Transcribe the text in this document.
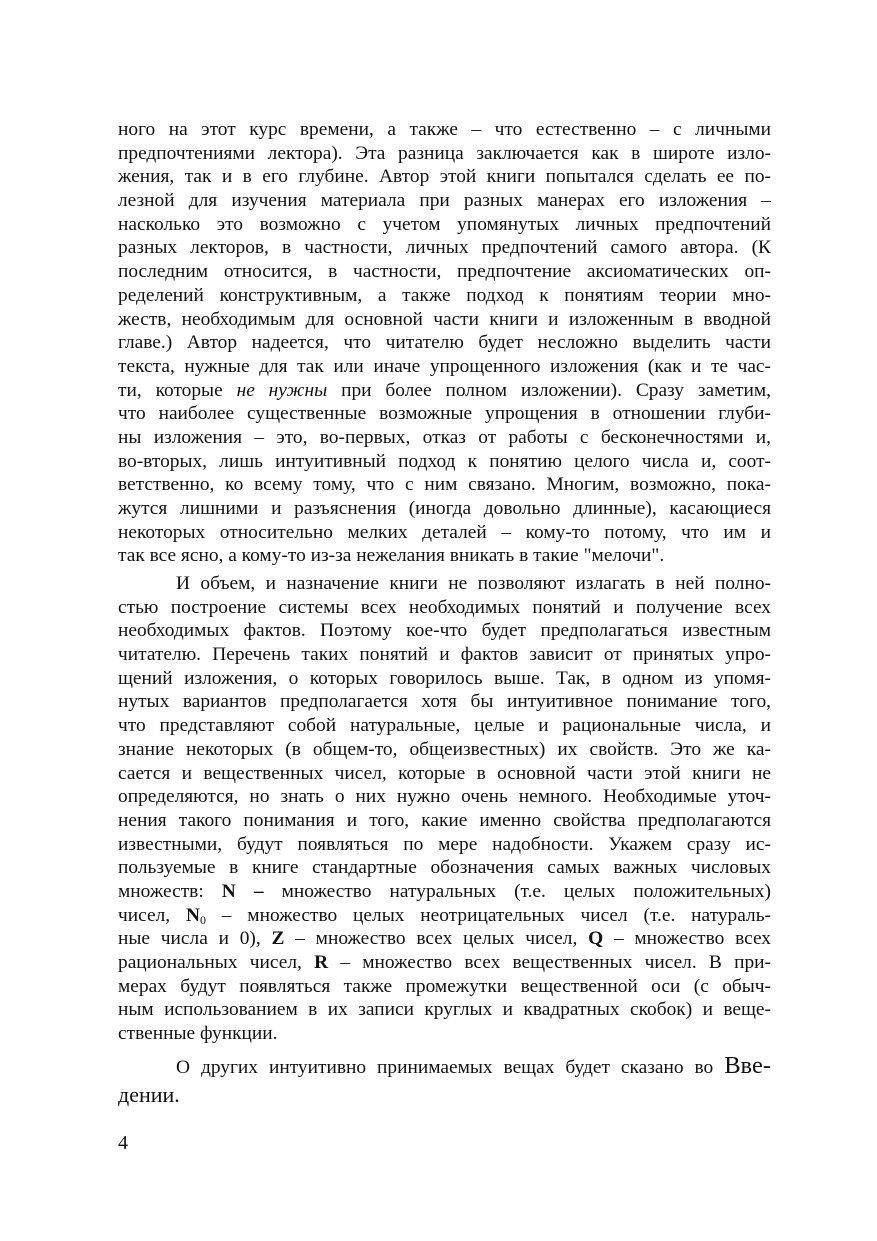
ного на этот курс времени, а также – что естественно – с личными
предпочтениями лектора). Эта разница заключается как в широте изло-
жения, так и в его глубине. Автор этой книги попытался сделать ее по-
лезной для изучения материала при разных манерах его изложения –
насколько это возможно с учетом упомянутых личных предпочтений
разных лекторов, в частности, личных предпочтений самого автора. (К
последним относится, в частности, предпочтение аксиоматических оп-
ределений конструктивным, а также подход к понятиям теории мно-
жеств, необходимым для основной части книги и изложенным в вводной
главе.) Автор надеется, что читателю будет несложно выделить части
текста, нужные для так или иначе упрощенного изложения (как и те час-
ти, которые не нужны при более полном изложении). Сразу заметим,
что наиболее существенные возможные упрощения в отношении глуби-
ны изложения – это, во-первых, отказ от работы с бесконечностями и,
во-вторых, лишь интуитивный подход к понятию целого числа и, соот-
ветственно, ко всему тому, что с ним связано. Многим, возможно, пока-
жутся лишними и разъяснения (иногда довольно длинные), касающиеся
некоторых относительно мелких деталей – кому-то потому, что им и
так все ясно, а кому-то из-за нежелания вникать в такие "мелочи".
И объем, и назначение книги не позволяют излагать в ней полно-
стью построение системы всех необходимых понятий и получение всех
необходимых фактов. Поэтому кое-что будет предполагаться известным
читателю. Перечень таких понятий и фактов зависит от принятых упро-
щений изложения, о которых говорилось выше. Так, в одном из упомя-
нутых вариантов предполагается хотя бы интуитивное понимание того,
что представляют собой натуральные, целые и рациональные числа, и
знание некоторых (в общем-то, общеизвестных) их свойств. Это же ка-
сается и вещественных чисел, которые в основной части этой книги не
определяются, но знать о них нужно очень немного. Необходимые уточ-
нения такого понимания и того, какие именно свойства предполагаются
известными, будут появляться по мере надобности. Укажем сразу ис-
пользуемые в книге стандартные обозначения самых важных числовых
множеств: N – множество натуральных (т.е. целых положительных)
чисел, $N_0$ – множество целых неотрицательных чисел (т.е. натураль-
ные числа и 0), Z – множество всех целых чисел, Q – множество всех
рациональных чисел, R – множество всех вещественных чисел. В при-
мерах будут появляться также промежутки вещественной оси (с обыч-
ным использованием в их записи круглых и квадратных скобок) и веще-
ственные функции.
О других интуитивно принимаемых вещах будет сказано во Вве-
дении.
4
